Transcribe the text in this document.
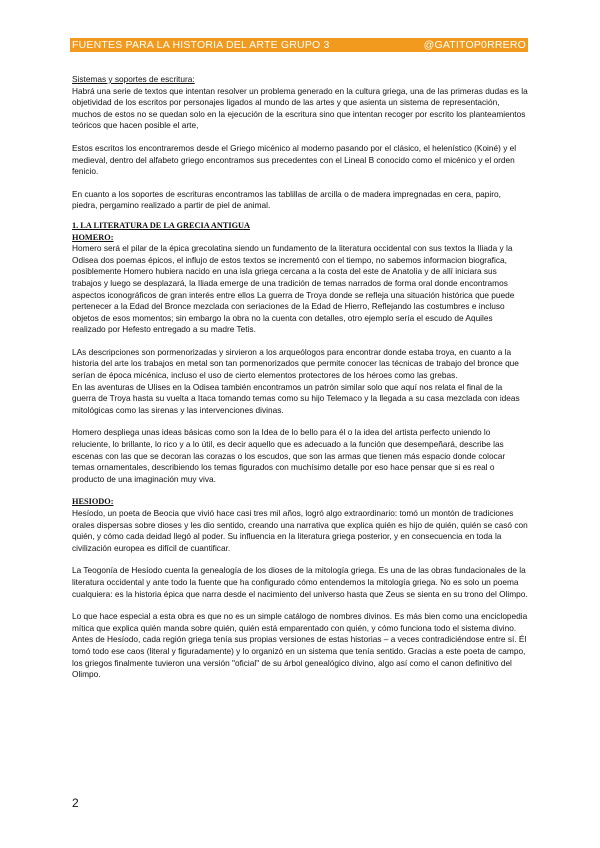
FUENTES PARA LA HISTORIA DEL ARTE GRUPO 3	@GATITOP0RRERO

Sistemas y soportes de escritura:

Habrá una serie de textos que intentan resolver un problema generado en la cultura griega, una de las primeras dudas es la objetividad de los escritos por personajes ligados al mundo de las artes y que asienta un sistema de representación, muchos de estos no se quedan solo en la ejecución de la escritura sino que intentan recoger por escrito los planteamientos teóricos que hacen posible el arte,

Estos escritos los encontraremos desde el Griego micénico al moderno pasando por el clásico, el helenístico (Koiné) y el medieval, dentro del alfabeto griego encontramos sus precedentes con el Lineal B conocido como el micénico y el orden fenicio.

En cuanto a los soportes de escrituras encontramos las tablillas de arcilla o de madera impregnadas en cera, papiro, piedra, pergamino realizado a partir de piel de animal.

1. LA LITERATURA DE LA GRECIA ANTIGUA

HOMERO:

Homero será el pilar de la épica grecolatina siendo un fundamento de la literatura occidental con sus textos la Iliada y la Odisea dos poemas épicos, el influjo de estos textos se incrementó con el tiempo, no sabemos informacion biografica, posiblemente Homero hubiera nacido en una isla griega cercana a la costa del este de Anatolia y de allí iniciara sus trabajos y luego se desplazará, la Iliada emerge de una tradición de temas narrados de forma oral donde encontramos aspectos iconográficos de gran interés entre ellos La guerra de Troya donde se refleja una situación histórica que puede pertenecer a la Edad del Bronce mezclada con seriaciones de la Edad de Hierro, Reflejando las costumbres e incluso objetos de esos momentos; sin embargo la obra no la cuenta con detalles, otro ejemplo sería el escudo de Aquiles realizado por Hefesto entregado a su madre Tetis.

LAs descripciones son pormenorizadas y sirvieron a los arqueólogos para encontrar donde estaba troya, en cuanto a la historia del arte los trabajos en metal son tan pormenorizados que permite conocer las técnicas de trabajo del bronce que serían de época micénica, incluso el uso de cierto elementos protectores de los héroes como las grebas.

En las aventuras de Ulises en la Odisea también encontramos un patrón similar solo que aquí nos relata el final de la guerra de Troya hasta su vuelta a Itaca tomando temas como su hijo Telemaco y la llegada a su casa mezclada con ideas mitológicas como las sirenas y las intervenciones divinas.

Homero despliega unas ideas básicas como son la Idea de lo bello para él o la idea del artista perfecto uniendo lo reluciente, lo brillante, lo rico y a lo útil, es decir aquello que es adecuado a la función que desempeñará, describe las escenas con las que se decoran las corazas o los escudos, que son las armas que tienen más espacio donde colocar temas ornamentales, describiendo los temas figurados con muchísimo detalle por eso hace pensar que si es real o producto de una imaginación muy viva.

HESIODO:

Hesíodo, un poeta de Beocia que vivió hace casi tres mil años, logró algo extraordinario: tomó un montón de tradiciones orales dispersas sobre dioses y les dio sentido, creando una narrativa que explica quién es hijo de quién, quién se casó con quién, y cómo cada deidad llegó al poder. Su influencia en la literatura griega posterior, y en consecuencia en toda la civilización europea es difícil de cuantificar.

La Teogonía de Hesíodo cuenta la genealogía de los dioses de la mitología griega. Es una de las obras fundacionales de la literatura occidental y ante todo la fuente que ha configurado cómo entendemos la mitología griega. No es solo un poema cualquiera: es la historia épica que narra desde el nacimiento del universo hasta que Zeus se sienta en su trono del Olimpo.

Lo que hace especial a esta obra es que no es un simple catálogo de nombres divinos. Es más bien como una enciclopedia mítica que explica quién manda sobre quién, quién está emparentado con quién, y cómo funciona todo el sistema divino. Antes de Hesíodo, cada región griega tenía sus propias versiones de estas historias – a veces contradiciéndose entre sí. Él tomó todo ese caos (literal y figuradamente) y lo organizó en un sistema que tenía sentido. Gracias a este poeta de campo, los griegos finalmente tuvieron una versión "oficial" de su árbol genealógico divino, algo así como el canon definitivo del Olimpo.

2
